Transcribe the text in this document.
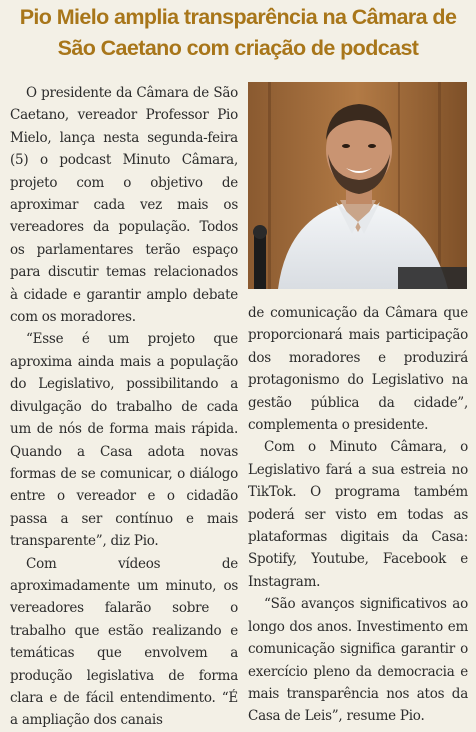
Pio Mielo amplia transparência na Câmara de São Caetano com criação de podcast

O presidente da Câmara de São Caetano, vereador Professor Pio Mielo, lança nesta segunda-feira (5) o podcast Minuto Câmara, projeto com o objetivo de aproximar cada vez mais os vereadores da população. Todos os parlamentares terão espaço para discutir temas relacionados à cidade e garantir amplo debate com os moradores.

“Esse é um projeto que aproxima ainda mais a população do Legislativo, possibilitando a divulgação do trabalho de cada um de nós de forma mais rápida. Quando a Casa adota novas formas de se comunicar, o diálogo entre o vereador e o cidadão passa a ser contínuo e mais transparente”, diz Pio.

Com vídeos de aproximadamente um minuto, os vereadores falarão sobre o trabalho que estão realizando e temáticas que envolvem a produção legislativa de forma clara e de fácil entendimento. “É a ampliação dos canais

de comunicação da Câmara que proporcionará mais participação dos moradores e produzirá protagonismo do Legislativo na gestão pública da cidade”, complementa o presidente.

Com o Minuto Câmara, o Legislativo fará a sua estreia no TikTok. O programa também poderá ser visto em todas as plataformas digitais da Casa: Spotify, Youtube, Facebook e Instagram.

“São avanços significativos ao longo dos anos. Investimento em comunicação significa garantir o exercício pleno da democracia e mais transparência nos atos da Casa de Leis”, resume Pio.
